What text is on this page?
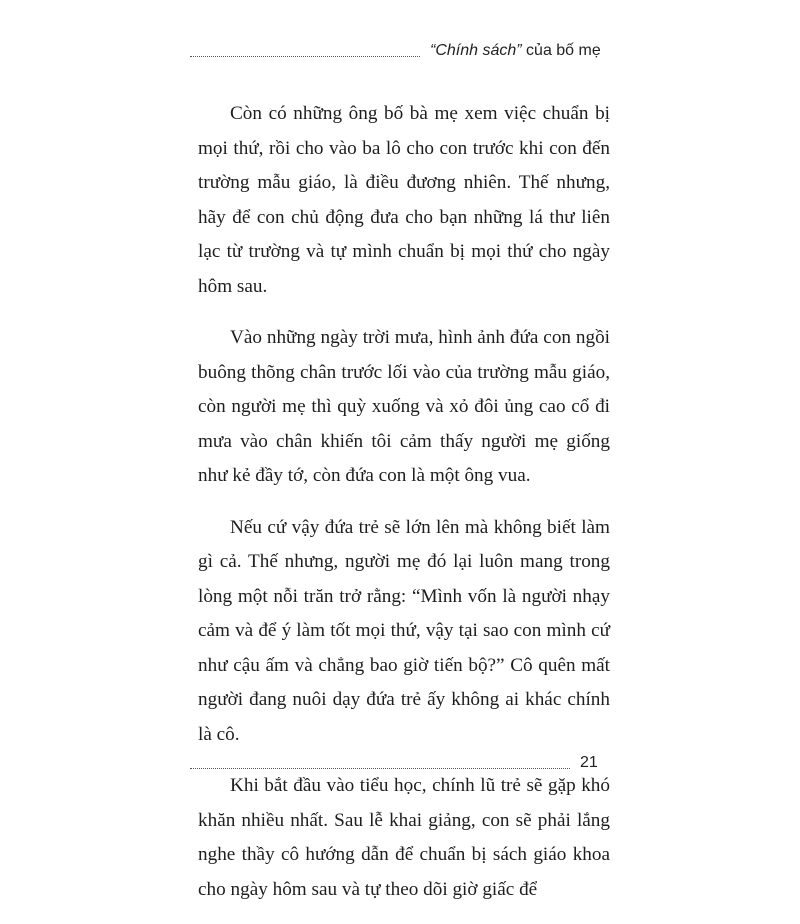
“Chính sách” của bố mẹ

Còn có những ông bố bà mẹ xem việc chuẩn bị mọi thứ, rồi cho vào ba lô cho con trước khi con đến trường mẫu giáo, là điều đương nhiên. Thế nhưng, hãy để con chủ động đưa cho bạn những lá thư liên lạc từ trường và tự mình chuẩn bị mọi thứ cho ngày hôm sau.

Vào những ngày trời mưa, hình ảnh đứa con ngồi buông thõng chân trước lối vào của trường mẫu giáo, còn người mẹ thì quỳ xuống và xỏ đôi ủng cao cổ đi mưa vào chân khiến tôi cảm thấy người mẹ giống như kẻ đầy tớ, còn đứa con là một ông vua.

Nếu cứ vậy đứa trẻ sẽ lớn lên mà không biết làm gì cả. Thế nhưng, người mẹ đó lại luôn mang trong lòng một nỗi trăn trở rằng: “Mình vốn là người nhạy cảm và để ý làm tốt mọi thứ, vậy tại sao con mình cứ như cậu ấm và chẳng bao giờ tiến bộ?” Cô quên mất người đang nuôi dạy đứa trẻ ấy không ai khác chính là cô.

Khi bắt đầu vào tiểu học, chính lũ trẻ sẽ gặp khó khăn nhiều nhất. Sau lễ khai giảng, con sẽ phải lắng nghe thầy cô hướng dẫn để chuẩn bị sách giáo khoa cho ngày hôm sau và tự theo dõi giờ giấc để

21
